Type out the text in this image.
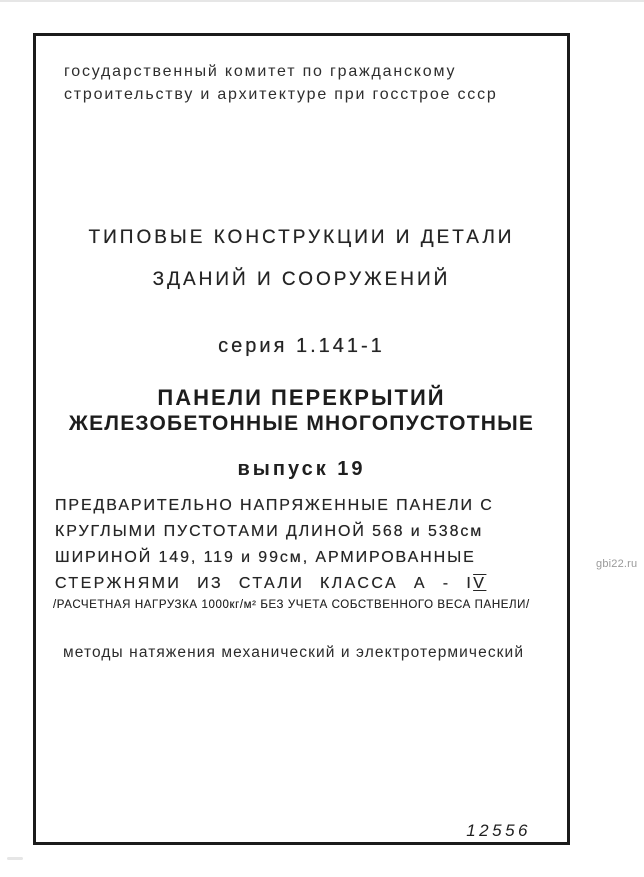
gbi22.ru
государственный комитет по гражданскому
строительству и архитектуре при госстрое ссср
ТИПОВЫЕ КОНСТРУКЦИИ И ДЕТАЛИ
ЗДАНИЙ И СООРУЖЕНИЙ
серия 1.141-1
ПАНЕЛИ ПЕРЕКРЫТИЙ
ЖЕЛЕЗОБЕТОННЫЕ МНОГОПУСТОТНЫЕ
выпуск 19
ПРЕДВАРИТЕЛЬНО НАПРЯЖЕННЫЕ ПАНЕЛИ С
КРУГЛЫМИ ПУСТОТАМИ ДЛИНОЙ 568 и 538см
ШИРИНОЙ 149, 119 и 99см, АРМИРОВАННЫЕ
СТЕРЖНЯМИ ИЗ СТАЛИ КЛАССА А - IV
/РАСЧЕТНАЯ НАГРУЗКА 1000кг/м² БЕЗ УЧЕТА СОБСТВЕННОГО ВЕСА ПАНЕЛИ/
методы натяжения механический и электротермический
12556
